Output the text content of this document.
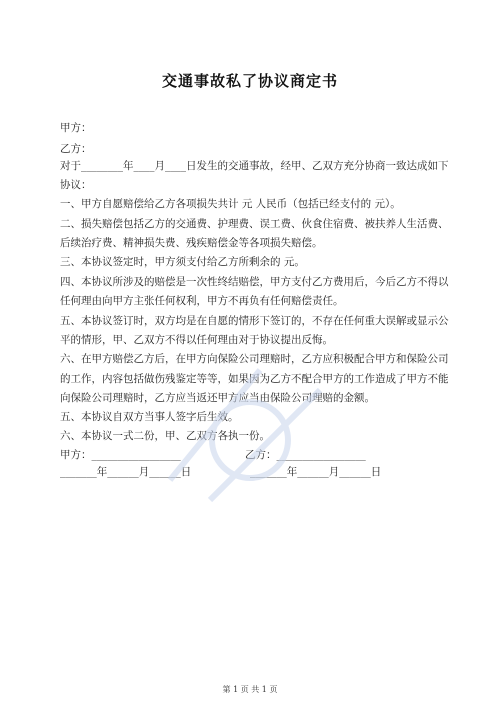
交通事故私了协议商定书
甲方：
乙方：
对于________年____月____日发生的交通事故，经甲、乙双方充分协商一致达成如下
协议：
一、甲方自愿赔偿给乙方各项损失共计 元 人民币（包括已经支付的 元）。
二、损失赔偿包括乙方的交通费、护理费、误工费、伙食住宿费、被扶养人生活费、
后续治疗费、精神损失费、残疾赔偿金等各项损失赔偿。
三、本协议签定时，甲方须支付给乙方所剩余的 元。
四、本协议所涉及的赔偿是一次性终结赔偿，甲方支付乙方费用后，今后乙方不得以
任何理由向甲方主张任何权利，甲方不再负有任何赔偿责任。
五、本协议签订时，双方均是在自愿的情形下签订的，不存在任何重大误解或显示公
平的情形，甲、乙双方不得以任何理由对于协议提出反悔。
六、在甲方赔偿乙方后，在甲方向保险公司理赔时，乙方应积极配合甲方和保险公司
的工作，内容包括做伤残鉴定等等，如果因为乙方不配合甲方的工作造成了甲方不能
向保险公司理赔时，乙方应当返还甲方应当由保险公司理赔的金额。
五、本协议自双方当事人签字后生效。
六、本协议一式二份，甲、乙双方各执一份。
甲方：_________________	乙方：_________________
_______年______月______日	_______年______月______日
第 1 页 共 1 页
